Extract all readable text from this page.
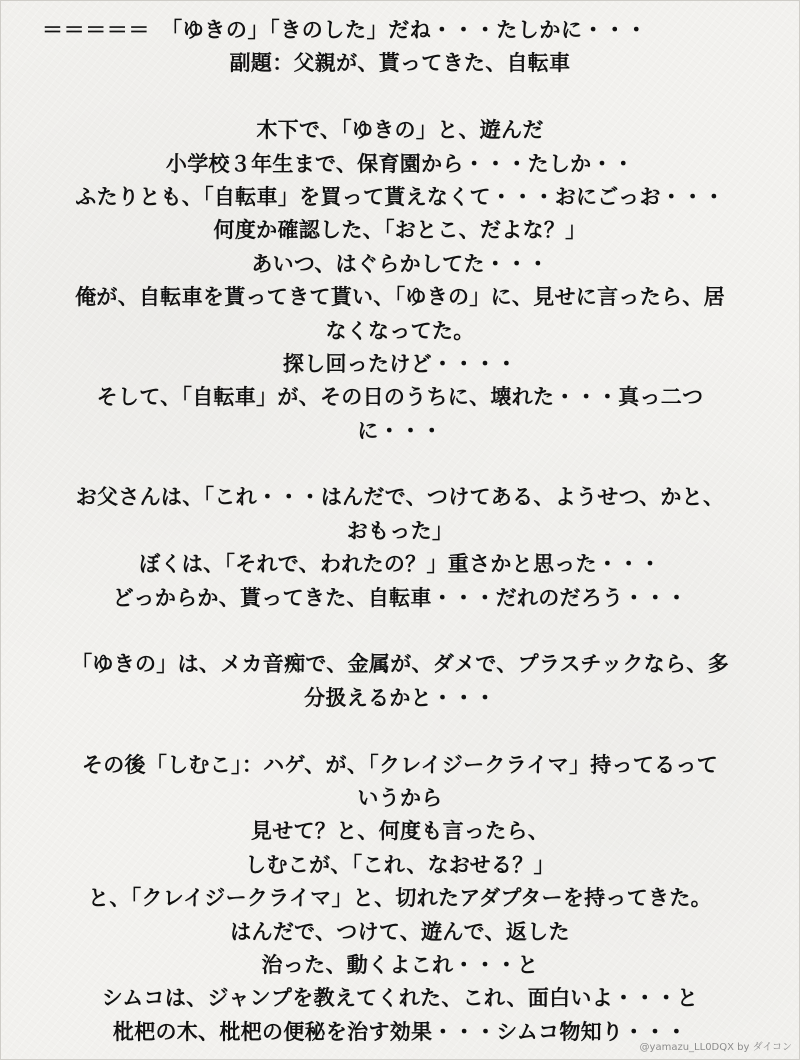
＝＝＝＝＝　「ゆきの」「きのした」だね・・・たしかに・・・
副題：父親が、貰ってきた、自転車
木下で、「ゆきの」と、遊んだ
小学校３年生まで、保育園から・・・たしか・・
ふたりとも、「自転車」を買って貰えなくて・・・おにごっお・・・
何度か確認した、「おとこ、だよな？」
あいつ、はぐらかしてた・・・
俺が、自転車を貰ってきて貰い、「ゆきの」に、見せに言ったら、居
なくなってた。
探し回ったけど・・・・
そして、「自転車」が、その日のうちに、壊れた・・・真っ二つ
に・・・
お父さんは、「これ・・・はんだで、つけてある、ようせつ、かと、
おもった」
ぼくは、「それで、われたの？」重さかと思った・・・
どっからか、貰ってきた、自転車・・・だれのだろう・・・
「ゆきの」は、メカ音痴で、金属が、ダメで、プラスチックなら、多
分扱えるかと・・・
その後「しむこ」：ハゲ、が、「クレイジークライマ」持ってるって
いうから
見せて？と、何度も言ったら、
しむこが、「これ、なおせる？」
と、「クレイジークライマ」と、切れたアダプターを持ってきた。
はんだで、つけて、遊んで、返した
治った、動くよこれ・・・と
シムコは、ジャンプを教えてくれた、これ、面白いよ・・・と
枇杷の木、枇杷の便秘を治す効果・・・シムコ物知り・・・
@yamazu_LL0DQX by ダイコン
